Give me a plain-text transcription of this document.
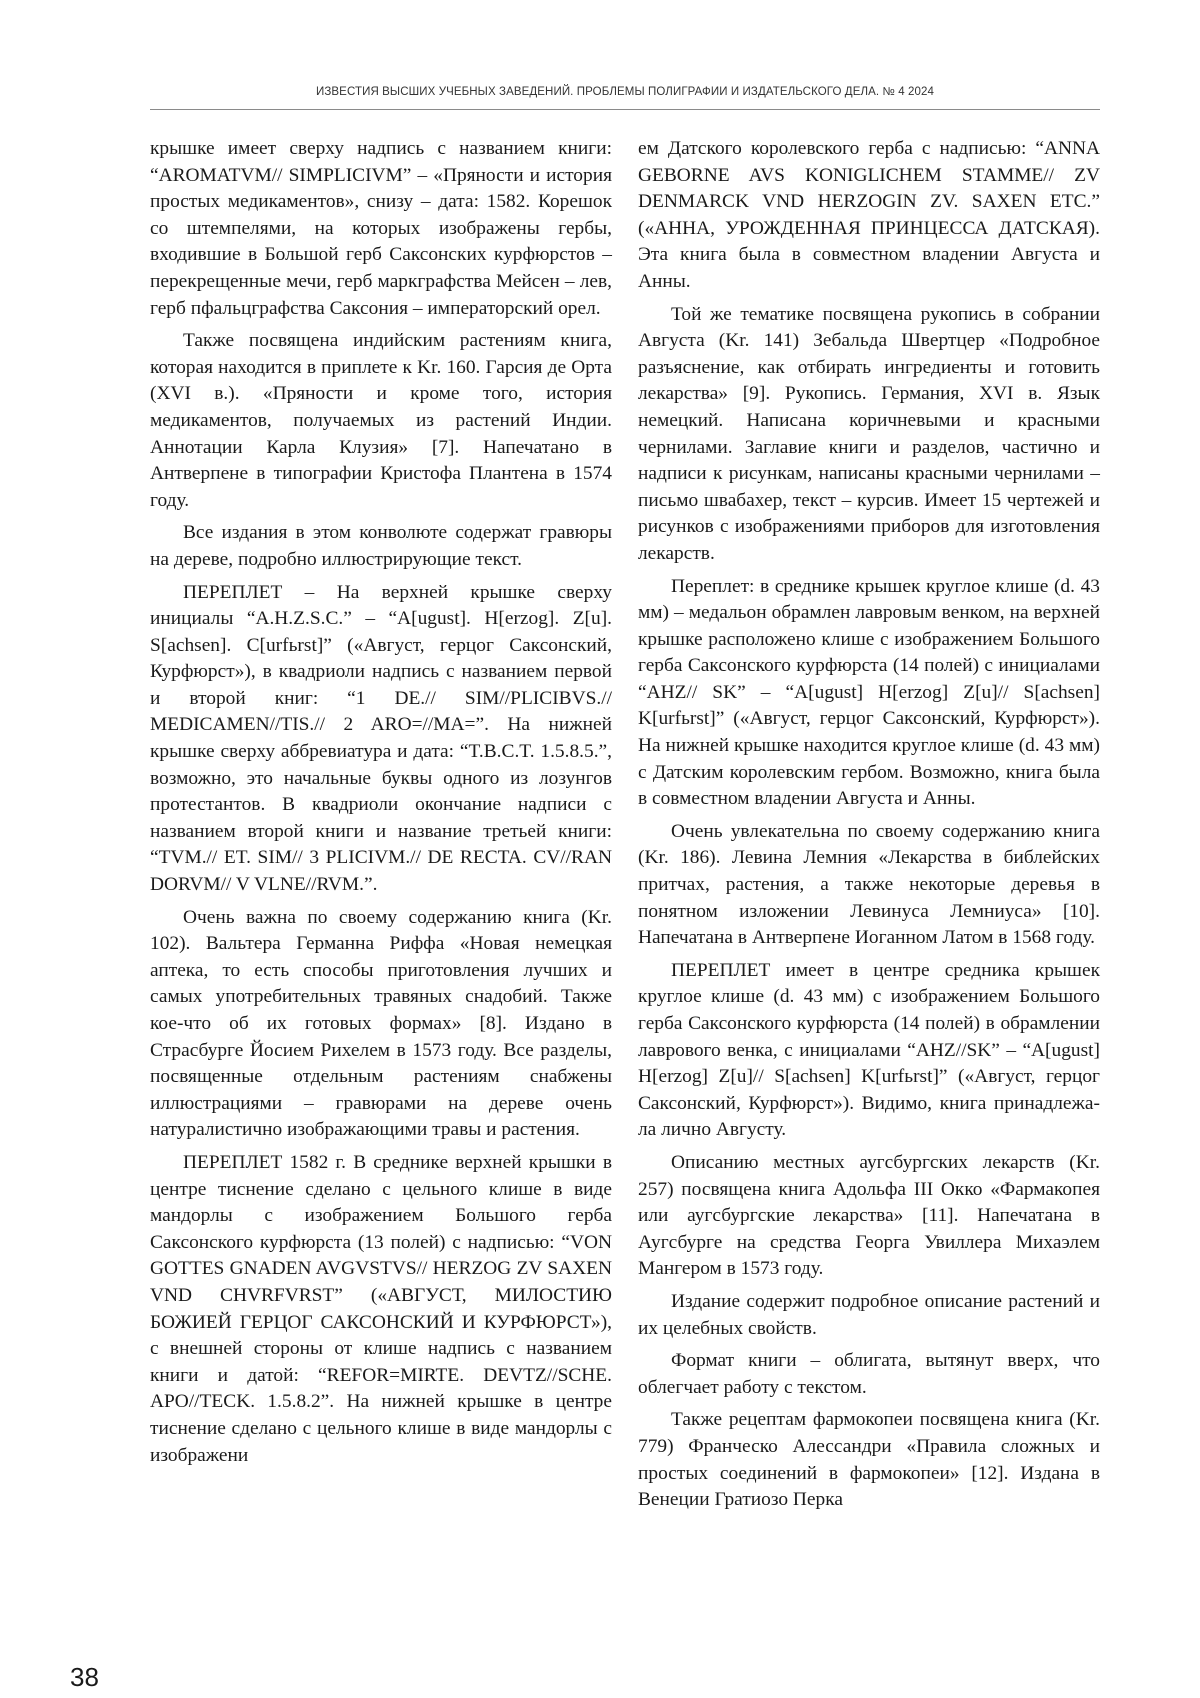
ИЗВЕСТИЯ ВЫСШИХ УЧЕБНЫХ ЗАВЕДЕНИЙ. ПРОБЛЕМЫ ПОЛИГРАФИИ И ИЗДАТЕЛЬСКОГО ДЕЛА. № 4 2024

крышке имеет сверху надпись с названием книги: “AROMATVM// SIMPLICIVM” – «Пряности и история простых медикаментов», снизу – дата: 1582. Корешок со штемпелями, на которых изображены гербы, входившие в Большой герб Саксонских курфюрстов – перекрещенные мечи, герб маркграфства Мейсен – лев, герб пфальцграфства Саксония – императорский орел.

Также посвящена индийским растениям книга, которая находится в приплете к Kr. 160. Гарсия де Орта (XVI в.). «Пряности и кроме того, история медикаментов, получаемых из растений Индии. Аннотации Карла Клузия» [7]. Напечатано в Антверпене в типографии Кристофа Плантена в 1574 году.

Все издания в этом конволюте содержат гравюры на дереве, подробно иллюстрирующие текст.

ПЕРЕПЛЕТ – На верхней крышке сверху инициалы “A.H.Z.S.C.” – “A[ugust]. H[erzog]. Z[u]. S[achsen]. C[urfьrst]” («Август, герцог Саксонский, Курфюрст»), в квадриоли надпись с названием первой и второй книг: “1 DE.// SIM//PLICIBVS.// MEDICAMEN//TIS.// 2 ARO=//MA=”. На нижней крышке сверху аббревиатура и дата: “T.B.C.T. 1.5.8.5.”, возможно, это начальные буквы одного из лозунгов протестантов. В квадриоли окончание надписи с названием второй книги и название третьей книги: “TVM.// ET. SIM// 3 PLICIVM.// DE RECTA. CV//RAN DORVM// V VLNE//RVM.”.

Очень важна по своему содержанию книга (Kr. 102). Вальтера Германна Риффа «Новая немецкая аптека, то есть способы приготовления лучших и самых употребительных травяных снадобий. Также кое-что об их готовых формах» [8]. Издано в Страсбурге Йосием Рихелем в 1573 году. Все разделы, посвященные отдельным растениям снабжены иллюстрациями – гравюрами на дереве очень натуралистично изображающими травы и растения.

ПЕРЕПЛЕТ 1582 г. В среднике верхней крышки в центре тиснение сделано с цельного клише в виде мандорлы с изображением Большого герба Саксонского курфюрста (13 полей) с надписью: “VON GOTTES GNADEN AVGVSTVS// HERZOG ZV SAXEN VND CHVRFVRST” («АВГУСТ, МИЛОСТИЮ БОЖИЕЙ ГЕРЦОГ САКСОНСКИЙ И КУРФЮРСТ»), с внешней стороны от клише надпись с названием книги и датой: “REFOR=MIRTE. DEVTZ//SCHE. APO//TECK. 1.5.8.2”. На нижней крышке в центре тиснение сделано с цельного клише в виде мандорлы с изображени

ем Датского королевского герба с надписью: “ANNA GEBORNE AVS KONIGLICHEM STAMME// ZV DENMARCK VND HERZOGIN ZV. SAXEN ETC.” («АННА, УРОЖДЕННАЯ ПРИНЦЕССА ДАТСКАЯ). Эта книга была в совместном владении Августа и Анны.

Той же тематике посвящена рукопись в собрании Августа (Kr. 141) Зебальда Швертцер «Подробное разъяснение, как отбирать ингредиенты и готовить лекарства» [9]. Рукопись. Германия, XVI в. Язык немецкий. Написана коричневыми и красными чернилами. Заглавие книги и разделов, частично и надписи к рисункам, написаны красными чернилами – письмо швабахер, текст – курсив. Имеет 15 чертежей и рисунков с изображениями приборов для изготовления лекарств.

Переплет: в среднике крышек круглое клише (d. 43 мм) – медальон обрамлен лавровым венком, на верхней крышке расположено клише с изображением Большого герба Саксонского курфюрста (14 полей) с инициалами “AHZ// SK” – “A[ugust] H[erzog] Z[u]// S[achsen] K[urfьrst]” («Август, герцог Саксонский, Курфюрст»). На нижней крышке находится круглое клише (d. 43 мм) с Датским королевским гербом. Возможно, книга была в совместном владении Августа и Анны.

Очень увлекательна по своему содержанию книга (Kr. 186). Левина Лемния «Лекарства в библейских притчах, растения, а также некоторые деревья в понятном изложении Левинуса Лемниуса» [10]. Напечатана в Антверпене Иоганном Латом в 1568 году.

ПЕРЕПЛЕТ имеет в центре средника крышек круглое клише (d. 43 мм) с изображением Большого герба Саксонского курфюрста (14 полей) в обрамлении лаврового венка, с инициалами “AHZ//SK” – “A[ugust] H[erzog] Z[u]// S[achsen] K[urfьrst]” («Август, герцог Саксонский, Курфюрст»). Видимо, книга принадлежала лично Августу.

Описанию местных аугсбургских лекарств (Kr. 257) посвящена книга Адольфа III Окко «Фармакопея или аугсбургские лекарства» [11]. Напечатана в Аугсбурге на средства Георга Увиллера Михаэлем Мангером в 1573 году.

Издание содержит подробное описание растений и их целебных свойств.

Формат книги – облигата, вытянут вверх, что облегчает работу с текстом.

Также рецептам фармокопеи посвящена книга (Kr. 779) Франческо Алессандри «Правила сложных и простых соединений в фармокопеи» [12]. Издана в Венеции Гратиозо Перка

38
